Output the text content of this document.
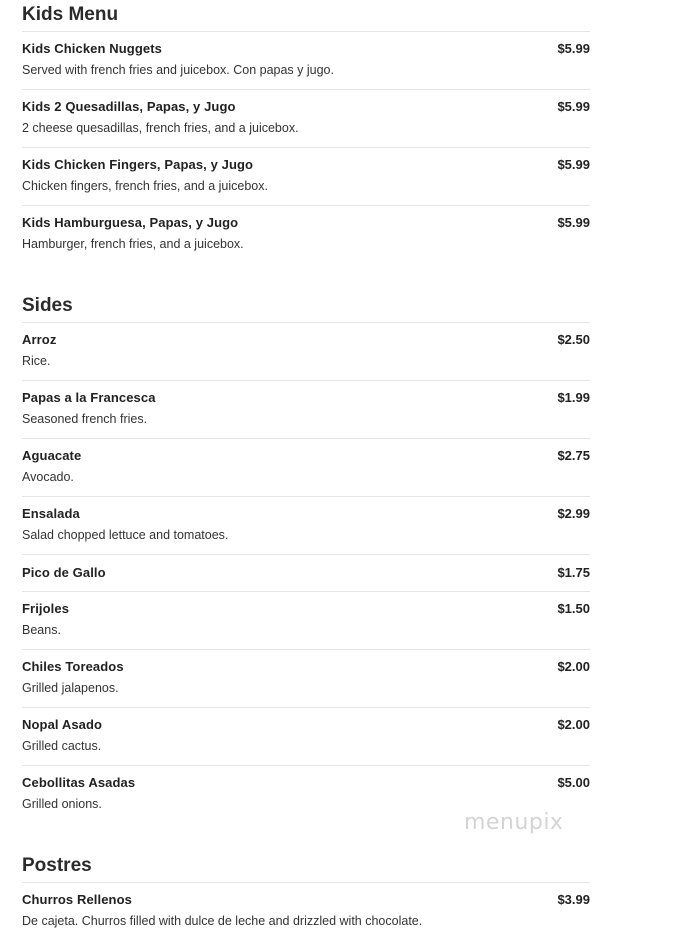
Kids Menu
Kids Chicken Nuggets	$5.99
Served with french fries and juicebox. Con papas y jugo.
Kids 2 Quesadillas, Papas, y Jugo	$5.99
2 cheese quesadillas, french fries, and a juicebox.
Kids Chicken Fingers, Papas, y Jugo	$5.99
Chicken fingers, french fries, and a juicebox.
Kids Hamburguesa, Papas, y Jugo	$5.99
Hamburger, french fries, and a juicebox.
Sides
Arroz	$2.50
Rice.
Papas a la Francesca	$1.99
Seasoned french fries.
Aguacate	$2.75
Avocado.
Ensalada	$2.99
Salad chopped lettuce and tomatoes.
Pico de Gallo	$1.75
Frijoles	$1.50
Beans.
Chiles Toreados	$2.00
Grilled jalapenos.
Nopal Asado	$2.00
Grilled cactus.
Cebollitas Asadas	$5.00
Grilled onions.
Postres
Churros Rellenos	$3.99
De cajeta. Churros filled with dulce de leche and drizzled with chocolate.
menupix
